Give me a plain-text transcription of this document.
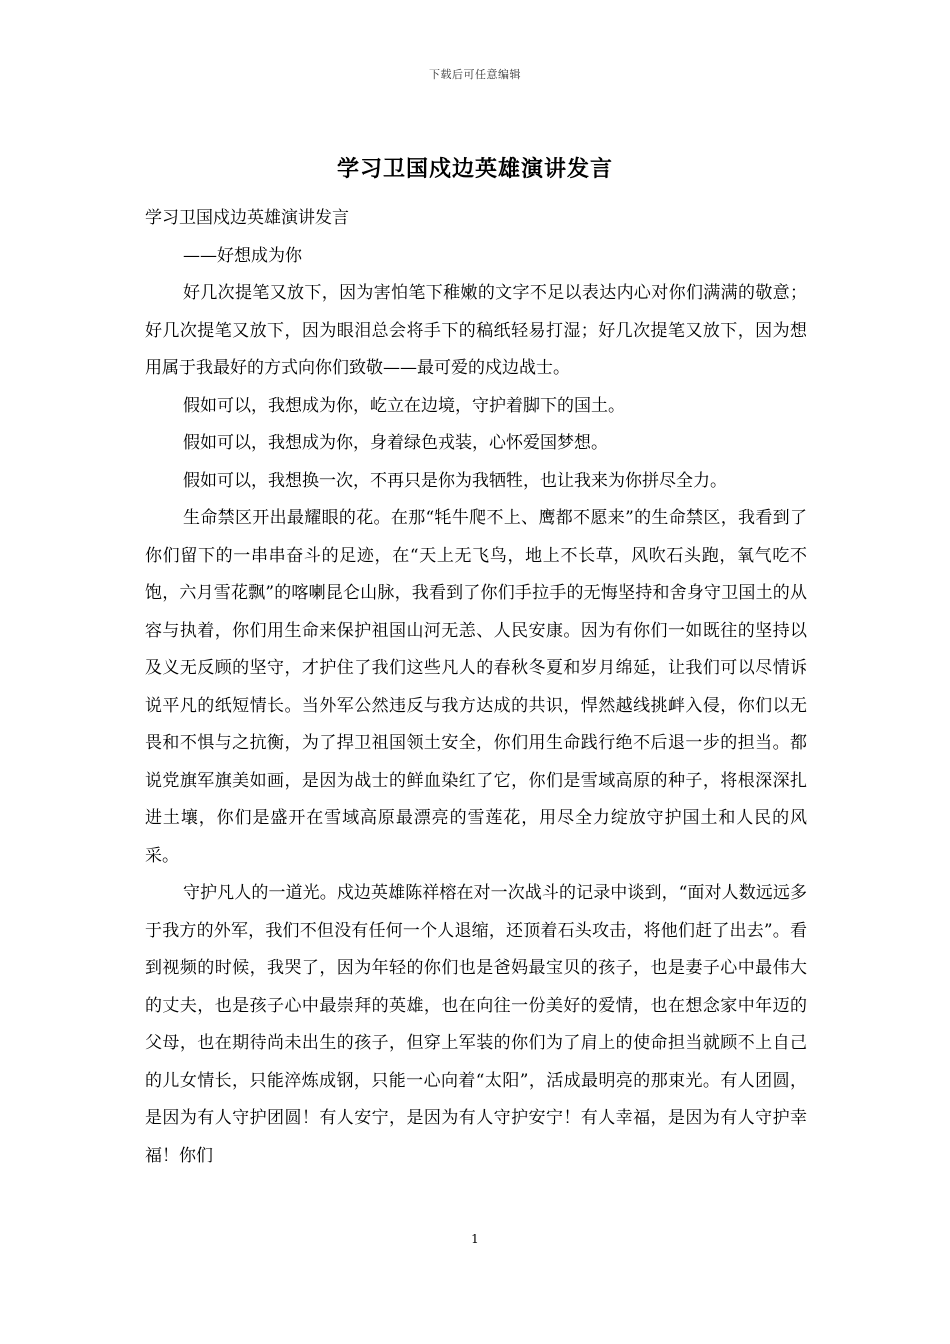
下载后可任意编辑
学习卫国戍边英雄演讲发言

学习卫国戍边英雄演讲发言

——好想成为你

好几次提笔又放下，因为害怕笔下稚嫩的文字不足以表达内心对你们满满的敬意；好几次提笔又放下，因为眼泪总会将手下的稿纸轻易打湿；好几次提笔又放下，因为想用属于我最好的方式向你们致敬——最可爱的戍边战士。

假如可以，我想成为你，屹立在边境，守护着脚下的国土。

假如可以，我想成为你，身着绿色戎装，心怀爱国梦想。

假如可以，我想换一次，不再只是你为我牺牲，也让我来为你拼尽全力。

生命禁区开出最耀眼的花。在那“牦牛爬不上、鹰都不愿来”的生命禁区，我看到了你们留下的一串串奋斗的足迹，在“天上无飞鸟，地上不长草，风吹石头跑，氧气吃不饱，六月雪花飘”的喀喇昆仑山脉，我看到了你们手拉手的无悔坚持和舍身守卫国土的从容与执着，你们用生命来保护祖国山河无恙、人民安康。因为有你们一如既往的坚持以及义无反顾的坚守，才护住了我们这些凡人的春秋冬夏和岁月绵延，让我们可以尽情诉说平凡的纸短情长。当外军公然违反与我方达成的共识，悍然越线挑衅入侵，你们以无畏和不惧与之抗衡，为了捍卫祖国领土安全，你们用生命践行绝不后退一步的担当。都说党旗军旗美如画，是因为战士的鲜血染红了它，你们是雪域高原的种子，将根深深扎进土壤，你们是盛开在雪域高原最漂亮的雪莲花，用尽全力绽放守护国土和人民的风采。

守护凡人的一道光。戍边英雄陈祥榕在对一次战斗的记录中谈到，“面对人数远远多于我方的外军，我们不但没有任何一个人退缩，还顶着石头攻击，将他们赶了出去”。看到视频的时候，我哭了，因为年轻的你们也是爸妈最宝贝的孩子，也是妻子心中最伟大的丈夫，也是孩子心中最崇拜的英雄，也在向往一份美好的爱情，也在想念家中年迈的父母，也在期待尚未出生的孩子，但穿上军装的你们为了肩上的使命担当就顾不上自己的儿女情长，只能淬炼成钢，只能一心向着“太阳”，活成最明亮的那束光。有人团圆，是因为有人守护团圆！有人安宁，是因为有人守护安宁！有人幸福，是因为有人守护幸福！你们

1
